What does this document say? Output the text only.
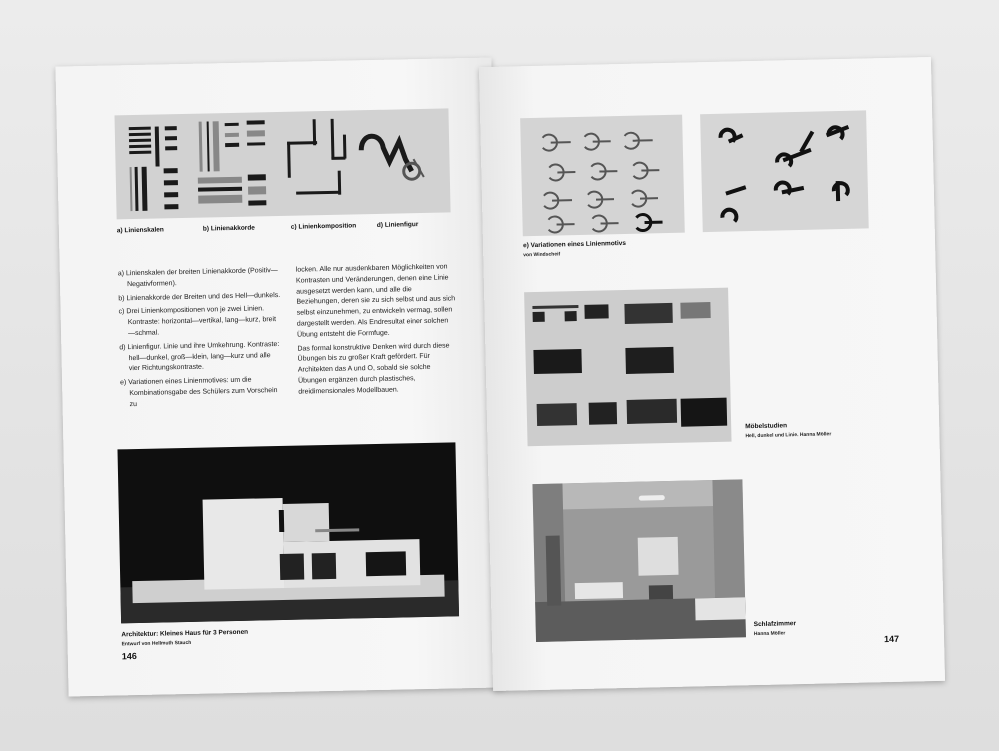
a) Linienskalen	b) Linienakkorde	c) Linienkomposition	d) Linienfigur

a) Linienskalen der breiten Linienakkorde (Positiv—Negativformen).

b) Linienakkorde der Breiten und des Hell—dunkels.

c) Drei Linienkompositionen von je zwei Linien. Kontraste: horizontal—vertikal, lang—kurz, breit—schmal.

d) Linienfigur. Linie und ihre Umkehrung. Kontraste: hell—dunkel, groß—klein, lang—kurz und alle vier Richtungskontraste.

e) Variationen eines Linienmotives: um die Kombinationsgabe des Schülers zum Vorschein zu

locken. Alle nur ausdenkbaren Möglichkeiten von Kontrasten und Veränderungen, denen eine Linie ausgesetzt werden kann, und alle die Beziehungen, deren sie zu sich selbst und aus sich selbst einzunehmen, zu entwickeln vermag, sollen dargestellt werden. Als Endresultat einer solchen Übung entsteht die Formfuge.

Das formal konstruktive Denken wird durch diese Übungen bis zu großer Kraft gefördert. Für Architekten das A und O, sobald sie solche Übungen ergänzen durch plastisches, dreidimensionales Modellbauen.

Architektur: Kleines Haus für 3 Personen
Entwurf von Hellmuth Stauch
146
e) Variationen eines Linienmotivs
von Windscheif
Möbelstudien
Hell, dunkel und Linie. Hanna Möller
Schlafzimmer
Hanna Möller
147
